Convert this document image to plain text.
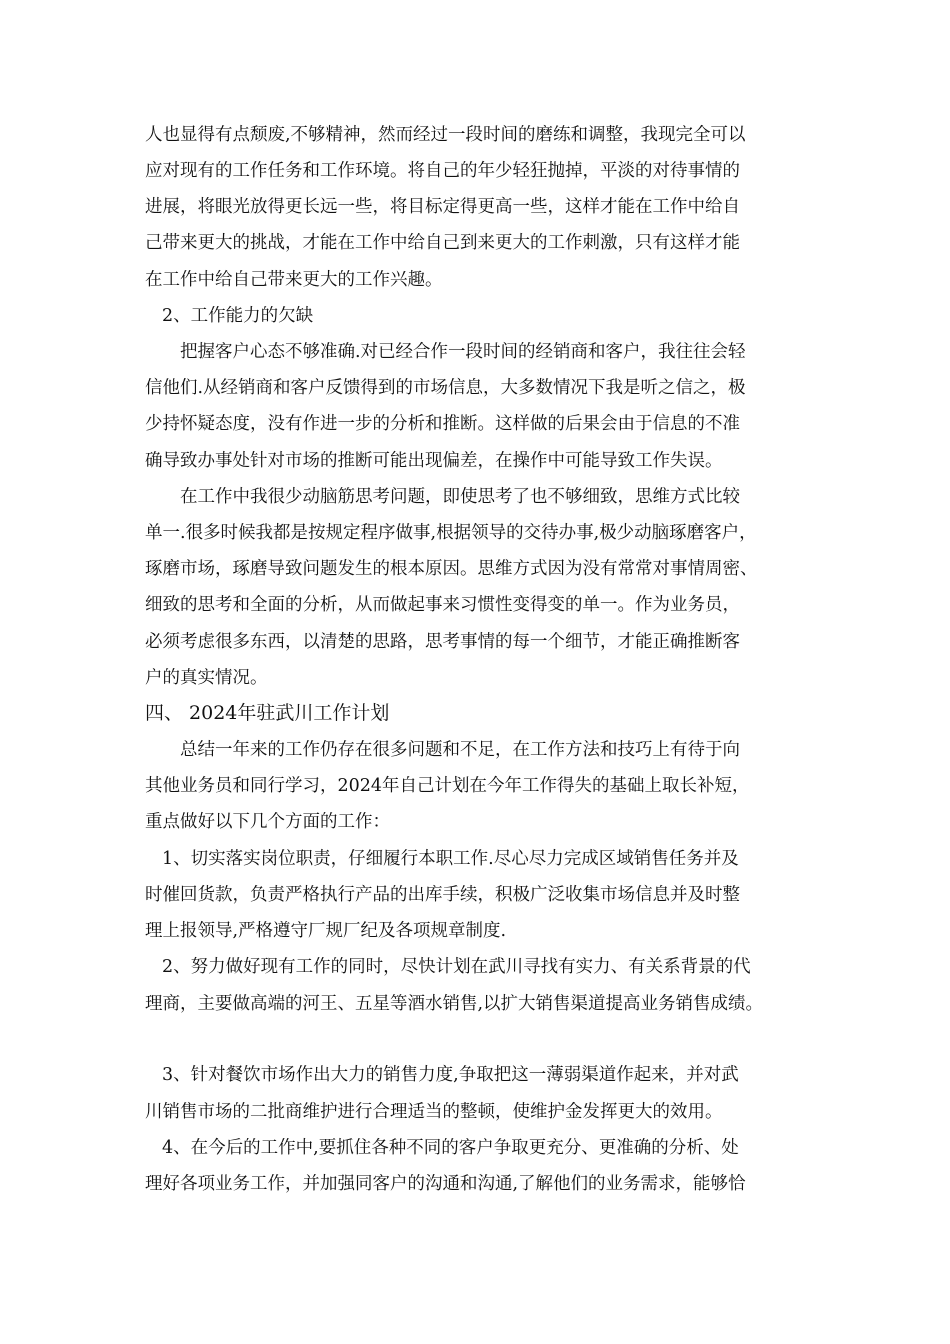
人也显得有点颓废,不够精神，然而经过一段时间的磨练和调整，我现完全可以
应对现有的工作任务和工作环境。将自己的年少轻狂抛掉，平淡的对待事情的
进展，将眼光放得更长远一些，将目标定得更高一些，这样才能在工作中给自
己带来更大的挑战，才能在工作中给自己到来更大的工作刺激，只有这样才能
在工作中给自己带来更大的工作兴趣。
2、工作能力的欠缺
把握客户心态不够准确.对已经合作一段时间的经销商和客户，我往往会轻
信他们.从经销商和客户反馈得到的市场信息，大多数情况下我是听之信之，极
少持怀疑态度，没有作进一步的分析和推断。这样做的后果会由于信息的不准
确导致办事处针对市场的推断可能出现偏差，在操作中可能导致工作失误。
在工作中我很少动脑筋思考问题，即使思考了也不够细致，思维方式比较
单一.很多时候我都是按规定程序做事,根据领导的交待办事,极少动脑琢磨客户，
琢磨市场，琢磨导致问题发生的根本原因。思维方式因为没有常常对事情周密、
细致的思考和全面的分析，从而做起事来习惯性变得变的单一。作为业务员，
必须考虑很多东西，以清楚的思路，思考事情的每一个细节，才能正确推断客
户的真实情况。
四、 2024年驻武川工作计划
总结一年来的工作仍存在很多问题和不足，在工作方法和技巧上有待于向
其他业务员和同行学习，2024年自己计划在今年工作得失的基础上取长补短，
重点做好以下几个方面的工作：
1、切实落实岗位职责，仔细履行本职工作.尽心尽力完成区域销售任务并及
时催回货款，负责严格执行产品的出库手续，积极广泛收集市场信息并及时整
理上报领导,严格遵守厂规厂纪及各项规章制度.
2、努力做好现有工作的同时，尽快计划在武川寻找有实力、有关系背景的代
理商，主要做高端的河王、五星等酒水销售,以扩大销售渠道提高业务销售成绩。
3、针对餐饮市场作出大力的销售力度,争取把这一薄弱渠道作起来，并对武
川销售市场的二批商维护进行合理适当的整顿，使维护金发挥更大的效用。
4、在今后的工作中,要抓住各种不同的客户争取更充分、更准确的分析、处
理好各项业务工作，并加强同客户的沟通和沟通,了解他们的业务需求，能够恰
